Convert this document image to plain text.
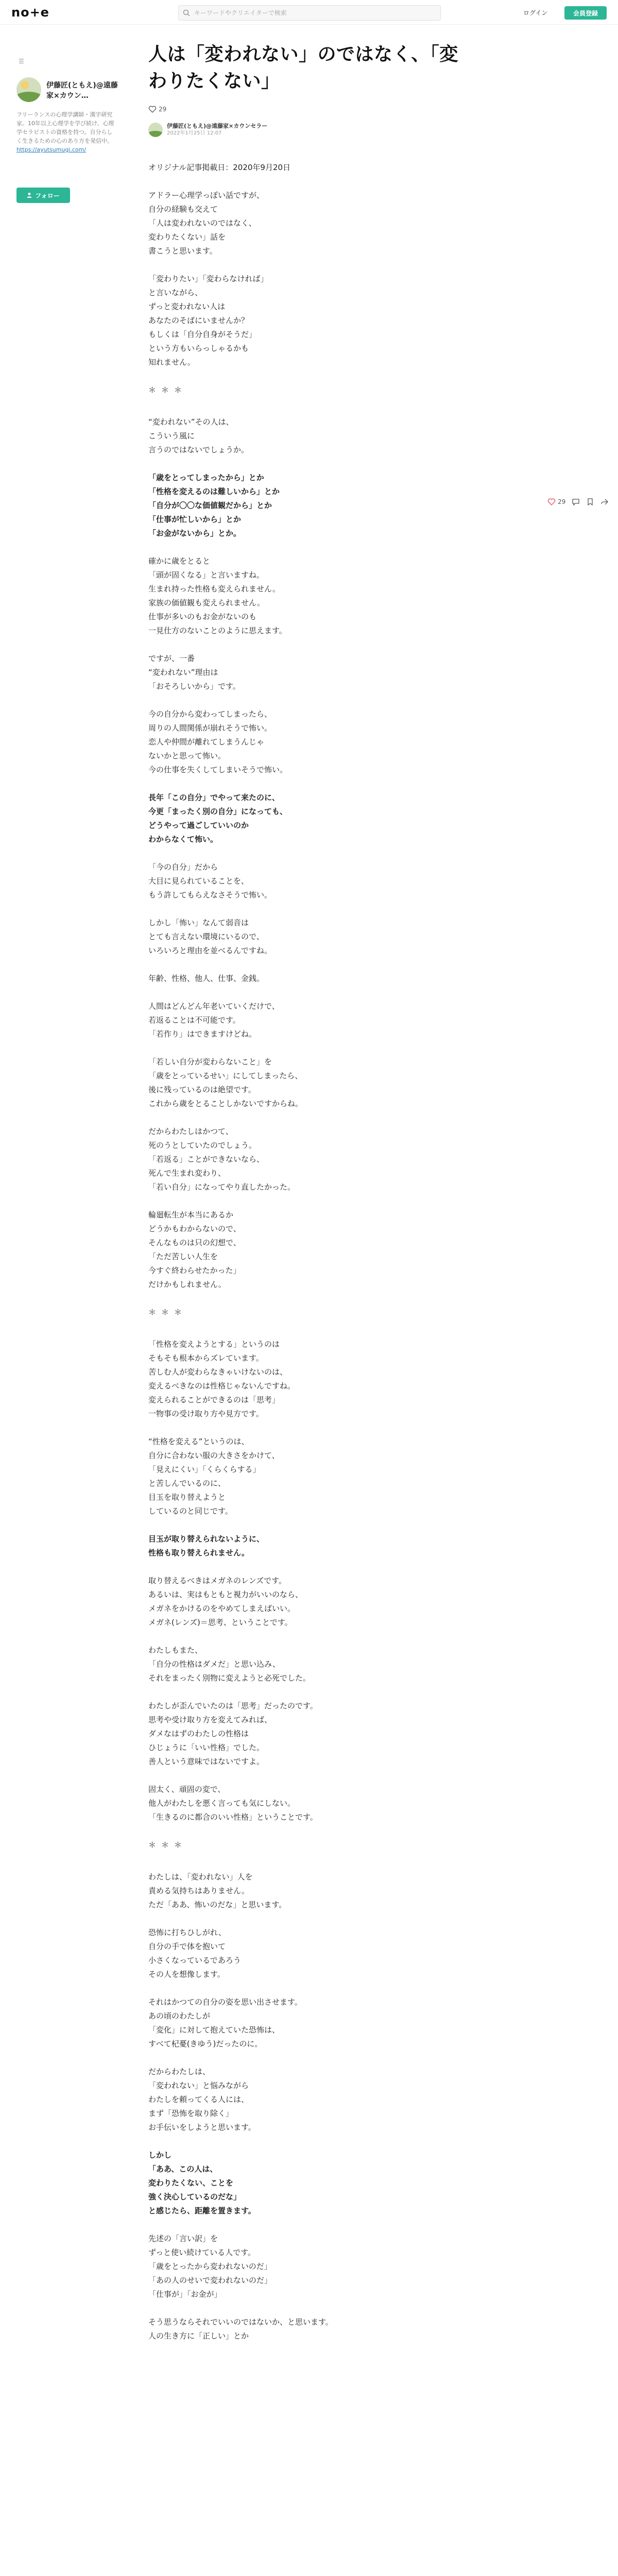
no+e
キーワードやクリエイターで検索	ログイン	会員登録
☰
伊藤匠(ともえ)@遠藤家×カウン…
フリーランスの心理学講師・漢字研究家。10年以上心理学を学び続け、心理学セラピストの資格を持つ。自分らしく生きるための心のあり方を発信中。
https://ayutsumugi.com/
フォロー
人は「変われない」のではなく、「変わりたくない」
29
伊藤匠(ともえ)@遠藤家×カウンセラー
2022年1月25日 12:07
オリジナル記事掲載日：2020年9月20日
アドラー心理学っぽい話ですが、
自分の経験も交えて
「人は変われないのではなく、
変わりたくない」話を
書こうと思います。
「変わりたい」「変わらなければ」
と言いながら、
ずっと変われない人は
あなたのそばにいませんか？
もしくは「自分自身がそうだ」
という方もいらっしゃるかも
知れません。
＊＊＊
“変われない”その人は、
こういう風に
言うのではないでしょうか。
「歳をとってしまったから」とか
「性格を変えるのは難しいから」とか
「自分が〇〇な価値観だから」とか
「仕事が忙しいから」とか
「お金がないから」とか。
確かに歳をとると
「頭が固くなる」と言いますね。
生まれ持った性格も変えられません。
家族の価値観も変えられません。
仕事が多いのもお金がないのも
一見仕方のないことのように思えます。
ですが、一番
“変われない”理由は
「おそろしいから」です。
今の自分から変わってしまったら、
周りの人間関係が崩れそうで怖い。
恋人や仲間が離れてしまうんじゃ
ないかと思って怖い。
今の仕事を失くしてしまいそうで怖い。
長年「この自分」でやって来たのに、
今更「まったく別の自分」になっても、
どうやって過ごしていいのか
わからなくて怖い。
「今の自分」だから
大目に見られていることを、
もう許してもらえなさそうで怖い。
しかし「怖い」なんて弱音は
とても言えない環境にいるので、
いろいろと理由を並べるんですね。
年齢、性格、他人、仕事、金銭。
人間はどんどん年老いていくだけで、
若返ることは不可能です。
「若作り」はできますけどね。
「若しい自分が変わらないこと」を
「歳をとっているせい」にしてしまったら、
後に残っているのは絶望です。
これから歳をとることしかないですからね。
だからわたしはかつて、
死のうとしていたのでしょう。
「若返る」ことができないなら、
死んで生まれ変わり、
「若い自分」になってやり直したかった。
輪廻転生が本当にあるか
どうかもわからないので、
そんなものは只の幻想で、
「ただ苦しい人生を
今すぐ終わらせたかった」
だけかもしれません。
＊＊＊
「性格を変えようとする」というのは
そもそも根本からズレています。
苦しむ人が変わらなきゃいけないのは、
変えるべきなのは性格じゃないんですね。
変えられることができるのは「思考」
一物事の受け取り方や見方です。
“性格を変える”というのは、
自分に合わない服の大きさをかけて、
「見えにくい」「くらくらする」
と苦しんでいるのに、
目玉を取り替えようと
しているのと同じです。
目玉が取り替えられないように、
性格も取り替えられません。
取り替えるべきはメガネのレンズです。
あるいは、実はもともと視力がいいのなら、
メガネをかけるのをやめてしまえばいい。
メガネ(レンズ)＝思考、ということです。
わたしもまた、
「自分の性格はダメだ」と思い込み、
それをまったく別物に変えようと必死でした。
わたしが歪んでいたのは「思考」だったのです。
思考や受け取り方を変えてみれば、
ダメなはずのわたしの性格は
ひじょうに「いい性格」でした。
善人という意味ではないですよ。
固太く、頑固の変で、
他人がわたしを悪く言っても気にしない。
「生きるのに都合のいい性格」ということです。
＊＊＊
わたしは、「変われない」人を
責める気持ちはありません。
ただ「ああ、怖いのだな」と思います。
恐怖に打ちひしがれ、
自分の手で体を抱いて
小さくなっているであろう
その人を想像します。
それはかつての自分の姿を思い出させます。
あの頃のわたしが
「変化」に対して抱えていた恐怖は、
すべて杞憂(きゆう)だったのに。
だからわたしは、
「変われない」と悩みながら
わたしを頼ってくる人には、
まず「恐怖を取り除く」
お手伝いをしようと思います。
しかし
「ああ、この人は、
変わりたくない、ことを
強く決心しているのだな」
と感じたら、距離を置きます。
先述の「言い訳」を
ずっと使い続けている人です。
「歳をとったから変われないのだ」
「あの人のせいで変われないのだ」
「仕事が」「お金が」
そう思うならそれでいいのではないか、と思います。
人の生き方に「正しい」とか
29
